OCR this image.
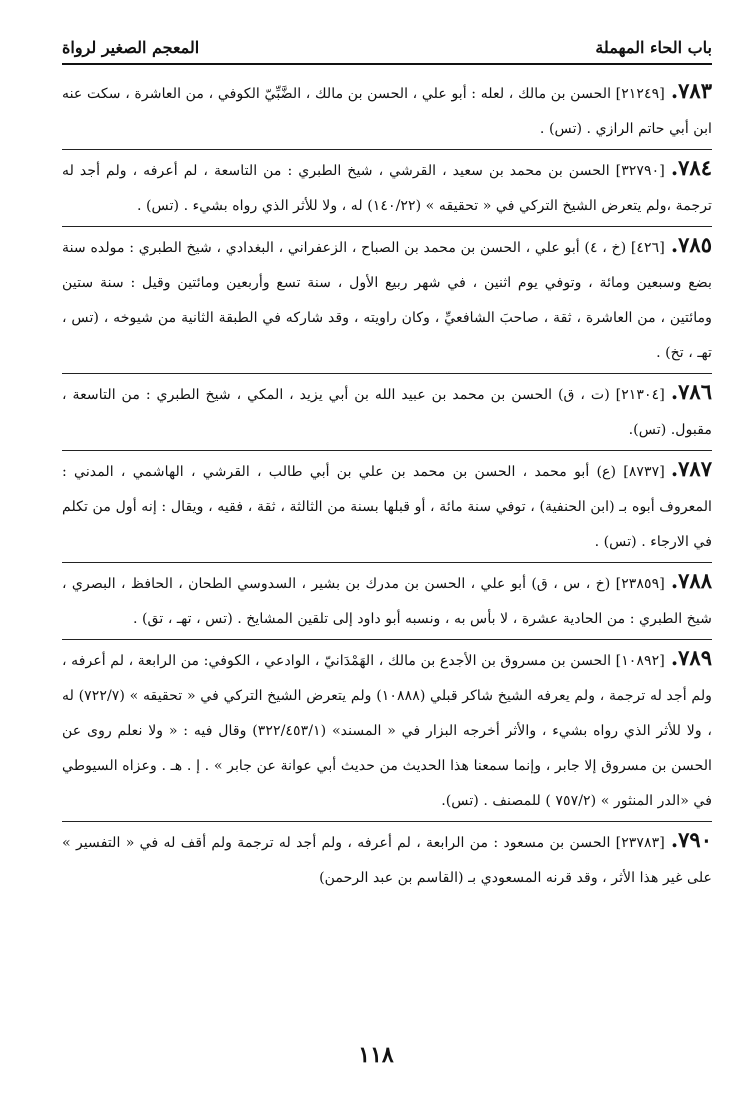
باب الحاء المهملة
المعجم الصغير لرواة

٧٨٣.[٢١٢٤٩] الحسن بن مالك ، لعله : أبو علي ، الحسن بن مالك ، الضَّبِّيّ الكوفي ، من العاشرة ، سكت عنه ابن أبي حاتم الرازي . (تس) .

٧٨٤.[٣٢٧٩٠] الحسن بن محمد بن سعيد ، القرشي ، شيخ الطبري : من التاسعة ، لم أعرفه ، ولم أجد له ترجمة ،ولم يتعرض الشيخ التركي في « تحقيقه » (١٤٠/٢٢) له ، ولا للأثر الذي رواه بشيء . (تس) .

٧٨٥.[٤٢٦] (خ ، ٤) أبو علي ، الحسن بن محمد بن الصباح ، الزعفراني ، البغدادي ، شيخ الطبري : مولده سنة بضع وسبعين ومائة ، وتوفي يوم اثنين ، في شهر ربيع الأول ، سنة تسع وأربعين ومائتين وقيل : سنة ستين ومائتين ، من العاشرة ، ثقة ، صاحبَ الشافعيِّ ، وكان راويته ، وقد شاركه في الطبقة الثانية من شيوخه ، (تس ، تهـ ، تخ) .

٧٨٦.[٢١٣٠٤] (ت ، ق) الحسن بن محمد بن عبيد الله بن أبي يزيد ، المكي ، شيخ الطبري : من التاسعة ، مقبول. (تس).

٧٨٧.[٨٧٣٧] (ع) أبو محمد ، الحسن بن محمد بن علي بن أبي طالب ، القرشي ، الهاشمي ، المدني : المعروف أبوه بـ (ابن الحنفية) ، توفي سنة مائة ، أو قبلها بسنة من الثالثة ، ثقة ، فقيه ، ويقال : إنه أول من تكلم في الارجاء . (تس) .

٧٨٨.[٢٣٨٥٩] (خ ، س ، ق) أبو علي ، الحسن بن مدرك بن بشير ، السدوسي الطحان ، الحافظ ، البصري ، شيخ الطبري : من الحادية عشرة ، لا بأس به ، ونسبه أبو داود إلى تلقين المشايخ . (تس ، تهـ ، تق) .

٧٨٩.[١٠٨٩٢] الحسن بن مسروق بن الأجدع بن مالك ، الهَمْدَانيّ ، الوادعي ، الكوفي: من الرابعة ، لم أعرفه ، ولم أجد له ترجمة ، ولم يعرفه الشيخ شاكر قبلي (١٠٨٨٨) ولم يتعرض الشيخ التركي في « تحقيقه » (٧٢٢/٧) له ، ولا للأثر الذي رواه بشيء ، والأثر أخرجه البزار في « المسند» (٣٢٢/٤٥٣/١) وقال فيه : « ولا نعلم روى عن الحسن بن مسروق إلا جابر ، وإنما سمعنا هذا الحديث من حديث أبي عوانة عن جابر » . إ . هـ . وعزاه السيوطي في «الدر المنثور » (٧٥٧/٢ ) للمصنف . (تس).

٧٩٠.[٢٣٧٨٣] الحسن بن مسعود : من الرابعة ، لم أعرفه ، ولم أجد له ترجمة ولم أقف له في « التفسير » على غير هذا الأثر ، وقد قرنه المسعودي بـ (القاسم بن عبد الرحمن)

١١٨
